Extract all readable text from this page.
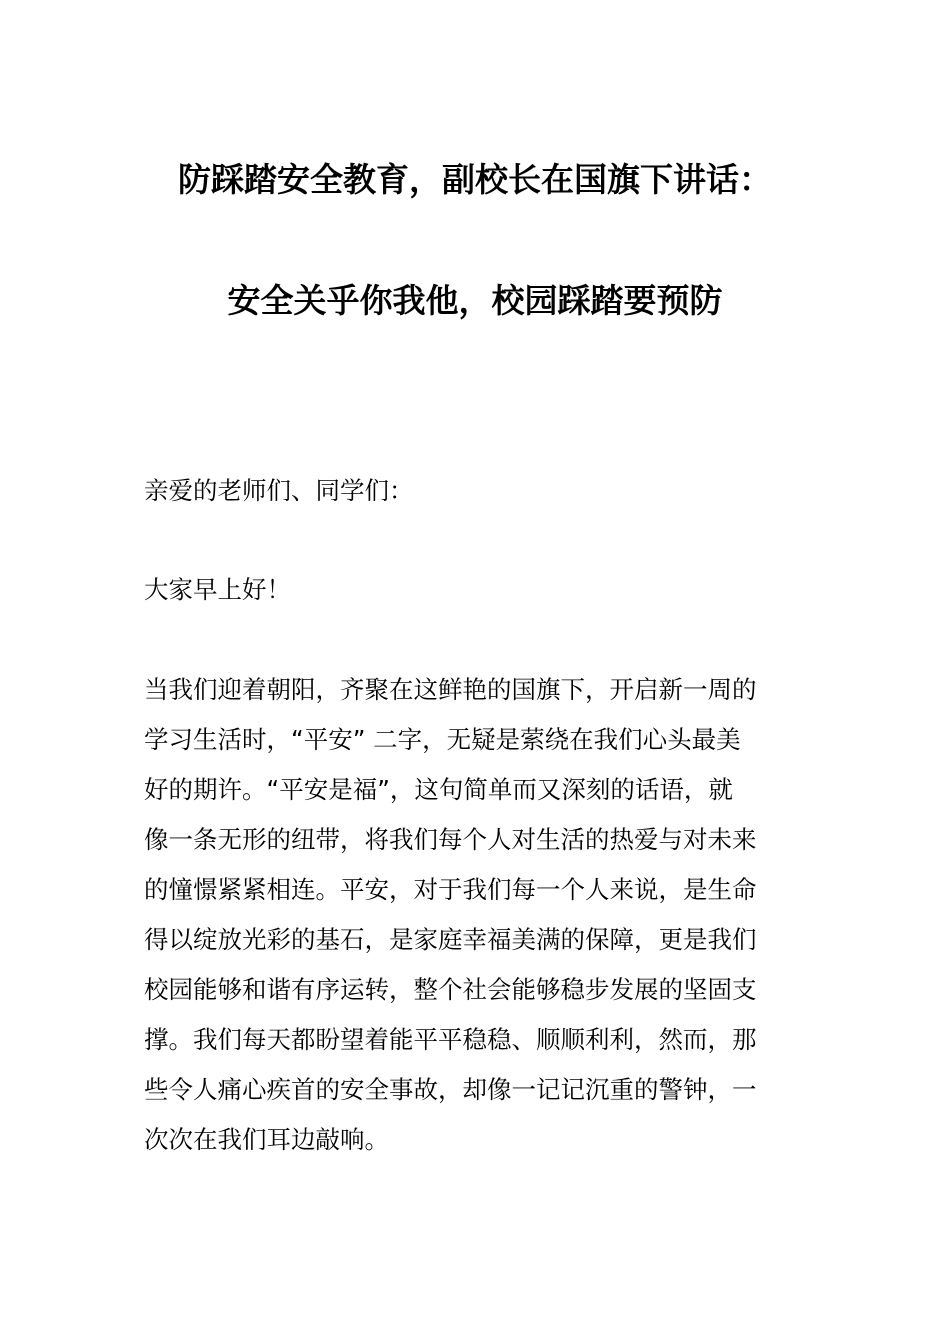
防踩踏安全教育，副校长在国旗下讲话：
安全关乎你我他，校园踩踏要预防
亲爱的老师们、同学们：
大家早上好！
当我们迎着朝阳，齐聚在这鲜艳的国旗下，开启新一周的
学习生活时，“平安” 二字，无疑是萦绕在我们心头最美
好的期许。“平安是福”，这句简单而又深刻的话语，就
像一条无形的纽带，将我们每个人对生活的热爱与对未来
的憧憬紧紧相连。平安，对于我们每一个人来说，是生命
得以绽放光彩的基石，是家庭幸福美满的保障，更是我们
校园能够和谐有序运转，整个社会能够稳步发展的坚固支
撑。我们每天都盼望着能平平稳稳、顺顺利利，然而，那
些令人痛心疾首的安全事故，却像一记记沉重的警钟，一
次次在我们耳边敲响。
